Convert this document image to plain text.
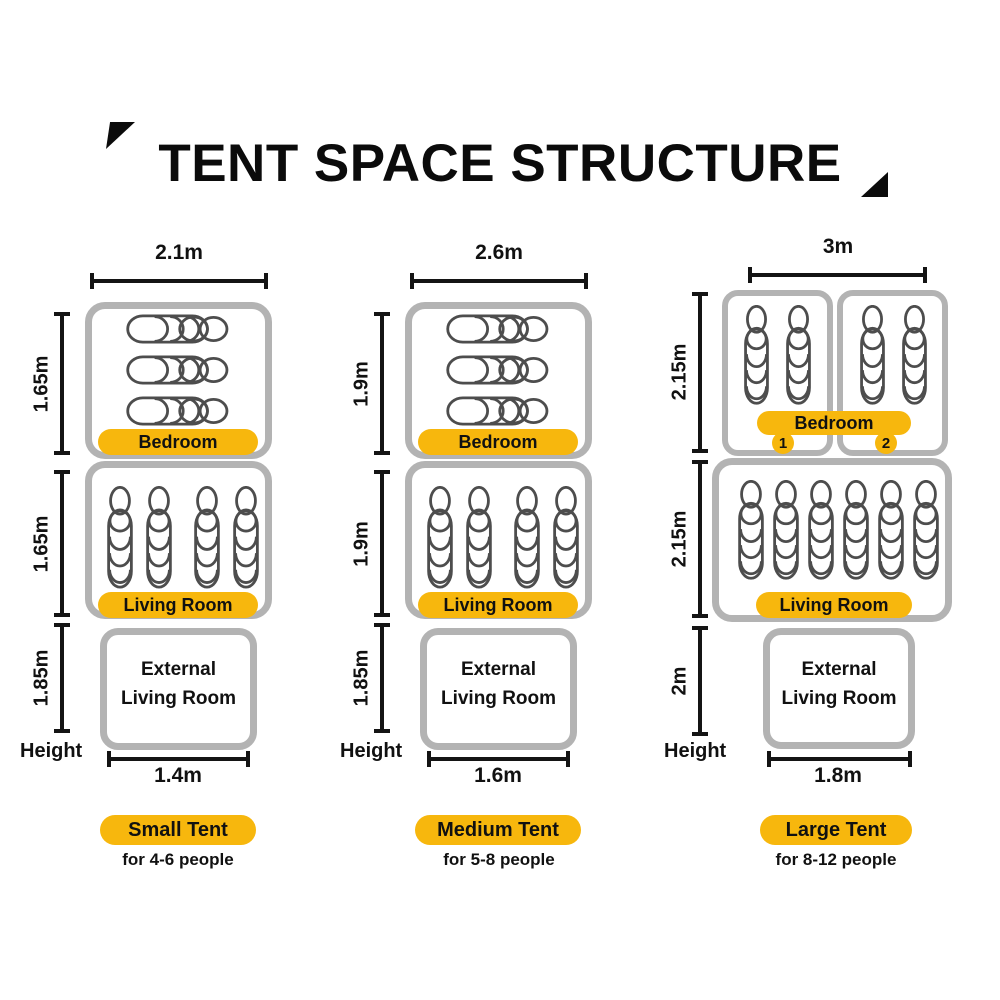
TENT SPACE STRUCTURE
2.1m
1.65m
1.65m
1.85m
Height
Bedroom
Living Room
External
Living Room
1.4m
Small Tent
for 4-6 people
2.6m
1.9m
1.9m
1.85m
Height
Bedroom
Living Room
External
Living Room
1.6m
Medium Tent
for 5-8 people
3m
2.15m
2.15m
2m
Height
Bedroom
1	2
Living Room
External
Living Room
1.8m
Large Tent
for 8-12 people
